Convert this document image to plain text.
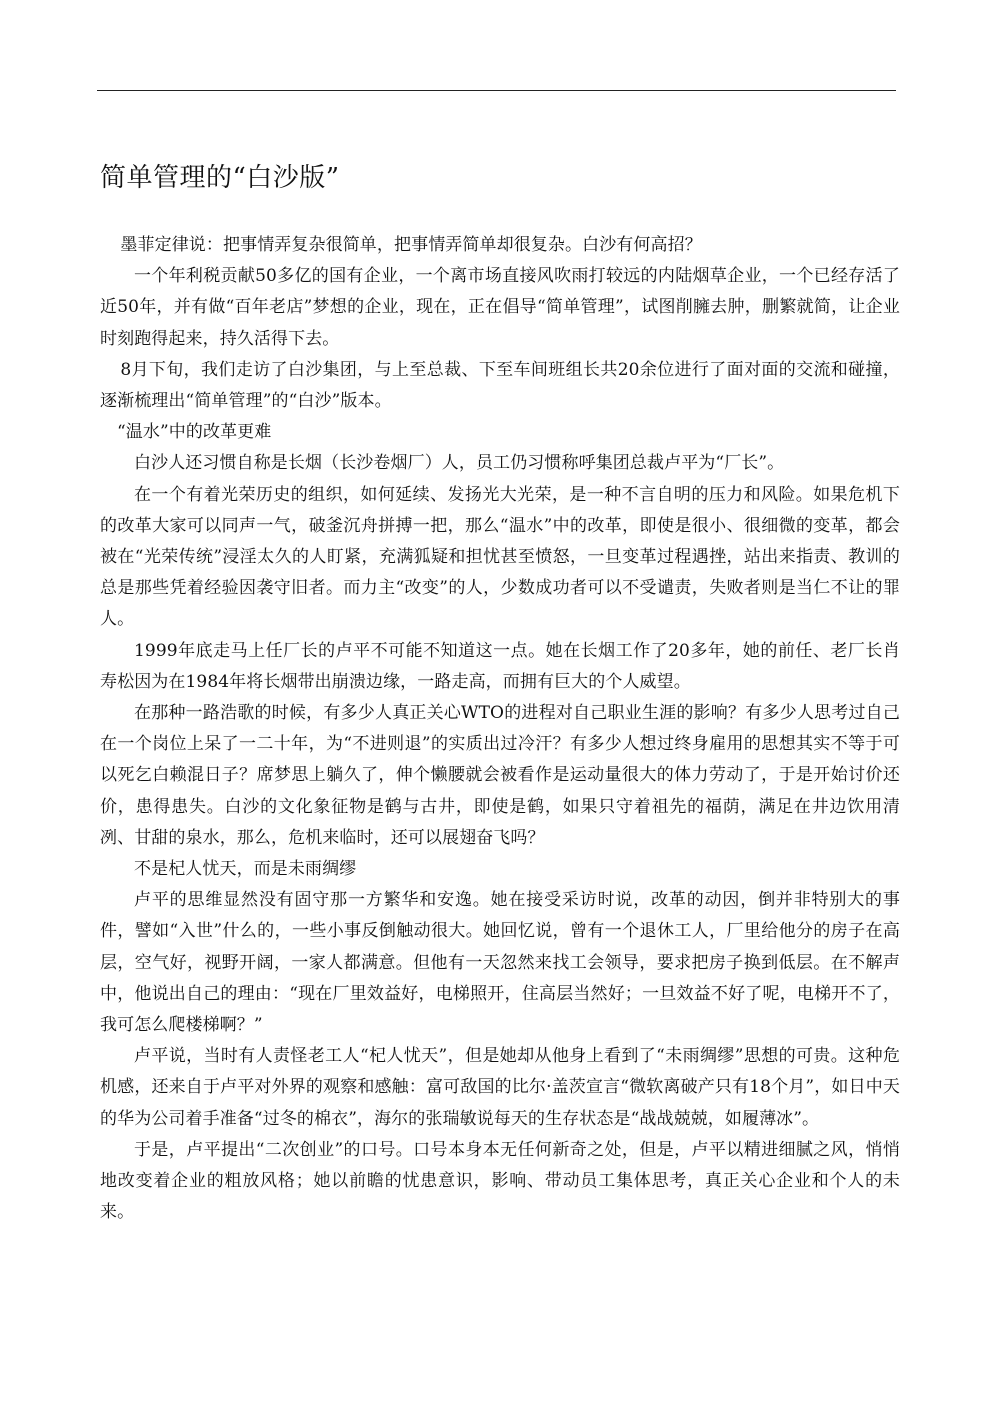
简单管理的“白沙版”

墨菲定律说：把事情弄复杂很简单，把事情弄简单却很复杂。白沙有何高招？

一个年利税贡献50多亿的国有企业，一个离市场直接风吹雨打较远的内陆烟草企业，一个已经存活了近50年，并有做“百年老店”梦想的企业，现在，正在倡导“简单管理”，试图削臃去肿，删繁就简，让企业时刻跑得起来，持久活得下去。

8月下旬，我们走访了白沙集团，与上至总裁、下至车间班组长共20余位进行了面对面的交流和碰撞，逐渐梳理出“简单管理”的“白沙”版本。

“温水”中的改革更难

白沙人还习惯自称是长烟（长沙卷烟厂）人，员工仍习惯称呼集团总裁卢平为“厂长”。

在一个有着光荣历史的组织，如何延续、发扬光大光荣，是一种不言自明的压力和风险。如果危机下的改革大家可以同声一气，破釜沉舟拼搏一把，那么“温水”中的改革，即使是很小、很细微的变革，都会被在“光荣传统”浸淫太久的人盯紧，充满狐疑和担忧甚至愤怒，一旦变革过程遇挫，站出来指责、教训的总是那些凭着经验因袭守旧者。而力主“改变”的人，少数成功者可以不受谴责，失败者则是当仁不让的罪人。

1999年底走马上任厂长的卢平不可能不知道这一点。她在长烟工作了20多年，她的前任、老厂长肖寿松因为在1984年将长烟带出崩溃边缘，一路走高，而拥有巨大的个人威望。

在那种一路浩歌的时候，有多少人真正关心WTO的进程对自己职业生涯的影响？有多少人思考过自己在一个岗位上呆了一二十年，为“不进则退”的实质出过冷汗？有多少人想过终身雇用的思想其实不等于可以死乞白赖混日子？席梦思上躺久了，伸个懒腰就会被看作是运动量很大的体力劳动了，于是开始讨价还价，患得患失。白沙的文化象征物是鹤与古井，即使是鹤，如果只守着祖先的福荫，满足在井边饮用清冽、甘甜的泉水，那么，危机来临时，还可以展翅奋飞吗？

不是杞人忧天，而是未雨绸缪

卢平的思维显然没有固守那一方繁华和安逸。她在接受采访时说，改革的动因，倒并非特别大的事件，譬如“入世”什么的，一些小事反倒触动很大。她回忆说，曾有一个退休工人，厂里给他分的房子在高层，空气好，视野开阔，一家人都满意。但他有一天忽然来找工会领导，要求把房子换到低层。在不解声中，他说出自己的理由：“现在厂里效益好，电梯照开，住高层当然好；一旦效益不好了呢，电梯开不了，我可怎么爬楼梯啊？”

卢平说，当时有人责怪老工人“杞人忧天”，但是她却从他身上看到了“未雨绸缪”思想的可贵。这种危机感，还来自于卢平对外界的观察和感触：富可敌国的比尔·盖茨宣言“微软离破产只有18个月”，如日中天的华为公司着手准备“过冬的棉衣”，海尔的张瑞敏说每天的生存状态是“战战兢兢，如履薄冰”。

于是，卢平提出“二次创业”的口号。口号本身本无任何新奇之处，但是，卢平以精进细腻之风，悄悄地改变着企业的粗放风格；她以前瞻的忧患意识，影响、带动员工集体思考，真正关心企业和个人的未来。
